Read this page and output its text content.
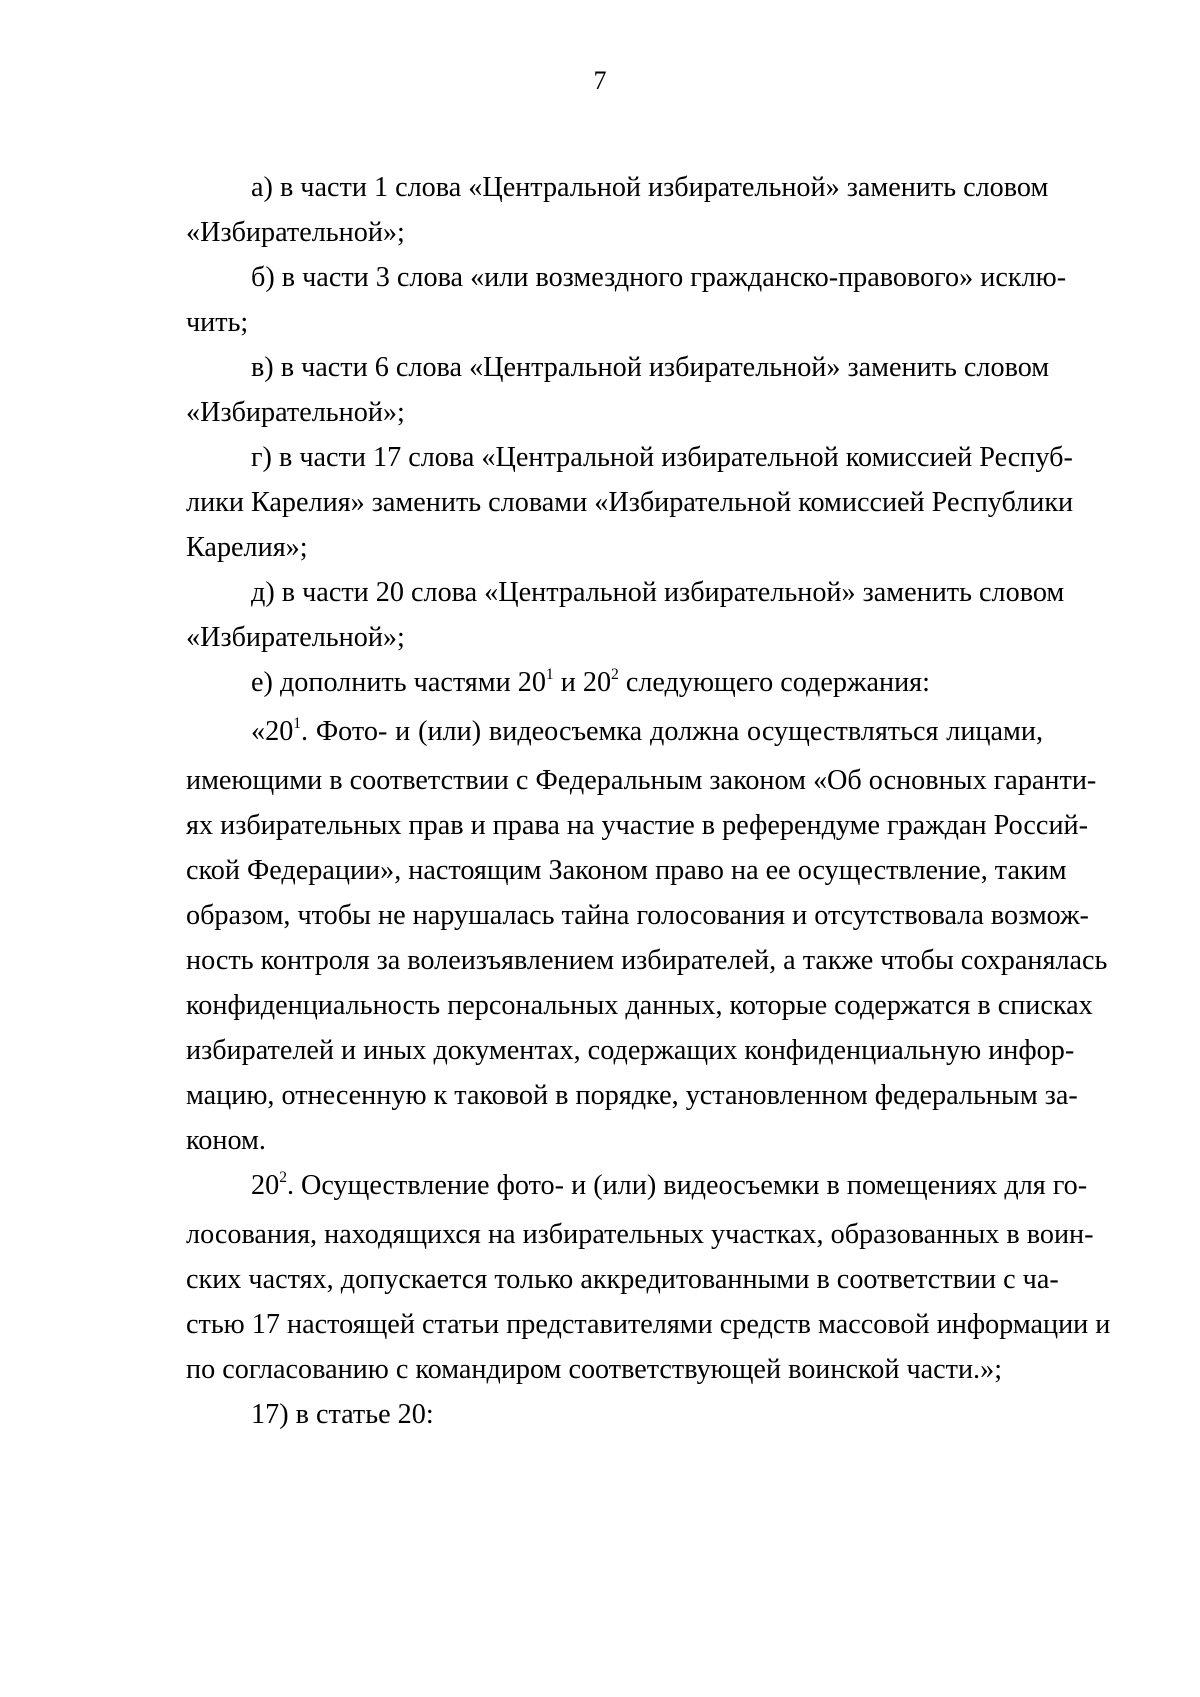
7

а) в части 1 слова «Центральной избирательной» заменить словом
«Избирательной»;

б) в части 3 слова «или возмездного гражданско-правового» исклю-
чить;

в) в части 6 слова «Центральной избирательной» заменить словом
«Избирательной»;

г) в части 17 слова «Центральной избирательной комиссией Респуб-
лики Карелия» заменить словами «Избирательной комиссией Республики
Карелия»;

д) в части 20 слова «Центральной избирательной» заменить словом
«Избирательной»;

е) дополнить частями $20^1$ и $20^2$ следующего содержания:

«$20^1$. Фото- и (или) видеосъемка должна осуществляться лицами,
имеющими в соответствии с Федеральным законом «Об основных гаранти-
ях избирательных прав и права на участие в референдуме граждан Россий-
ской Федерации», настоящим Законом право на ее осуществление, таким
образом, чтобы не нарушалась тайна голосования и отсутствовала возмож-
ность контроля за волеизъявлением избирателей, а также чтобы сохранялась
конфиденциальность персональных данных, которые содержатся в списках
избирателей и иных документах, содержащих конфиденциальную инфор-
мацию, отнесенную к таковой в порядке, установленном федеральным за-
коном.

$20^2$. Осуществление фото- и (или) видеосъемки в помещениях для го-
лосования, находящихся на избирательных участках, образованных в воин-
ских частях, допускается только аккредитованными в соответствии с ча-
стью 17 настоящей статьи представителями средств массовой информации и
по согласованию с командиром соответствующей воинской части.»;

17) в статье 20:
